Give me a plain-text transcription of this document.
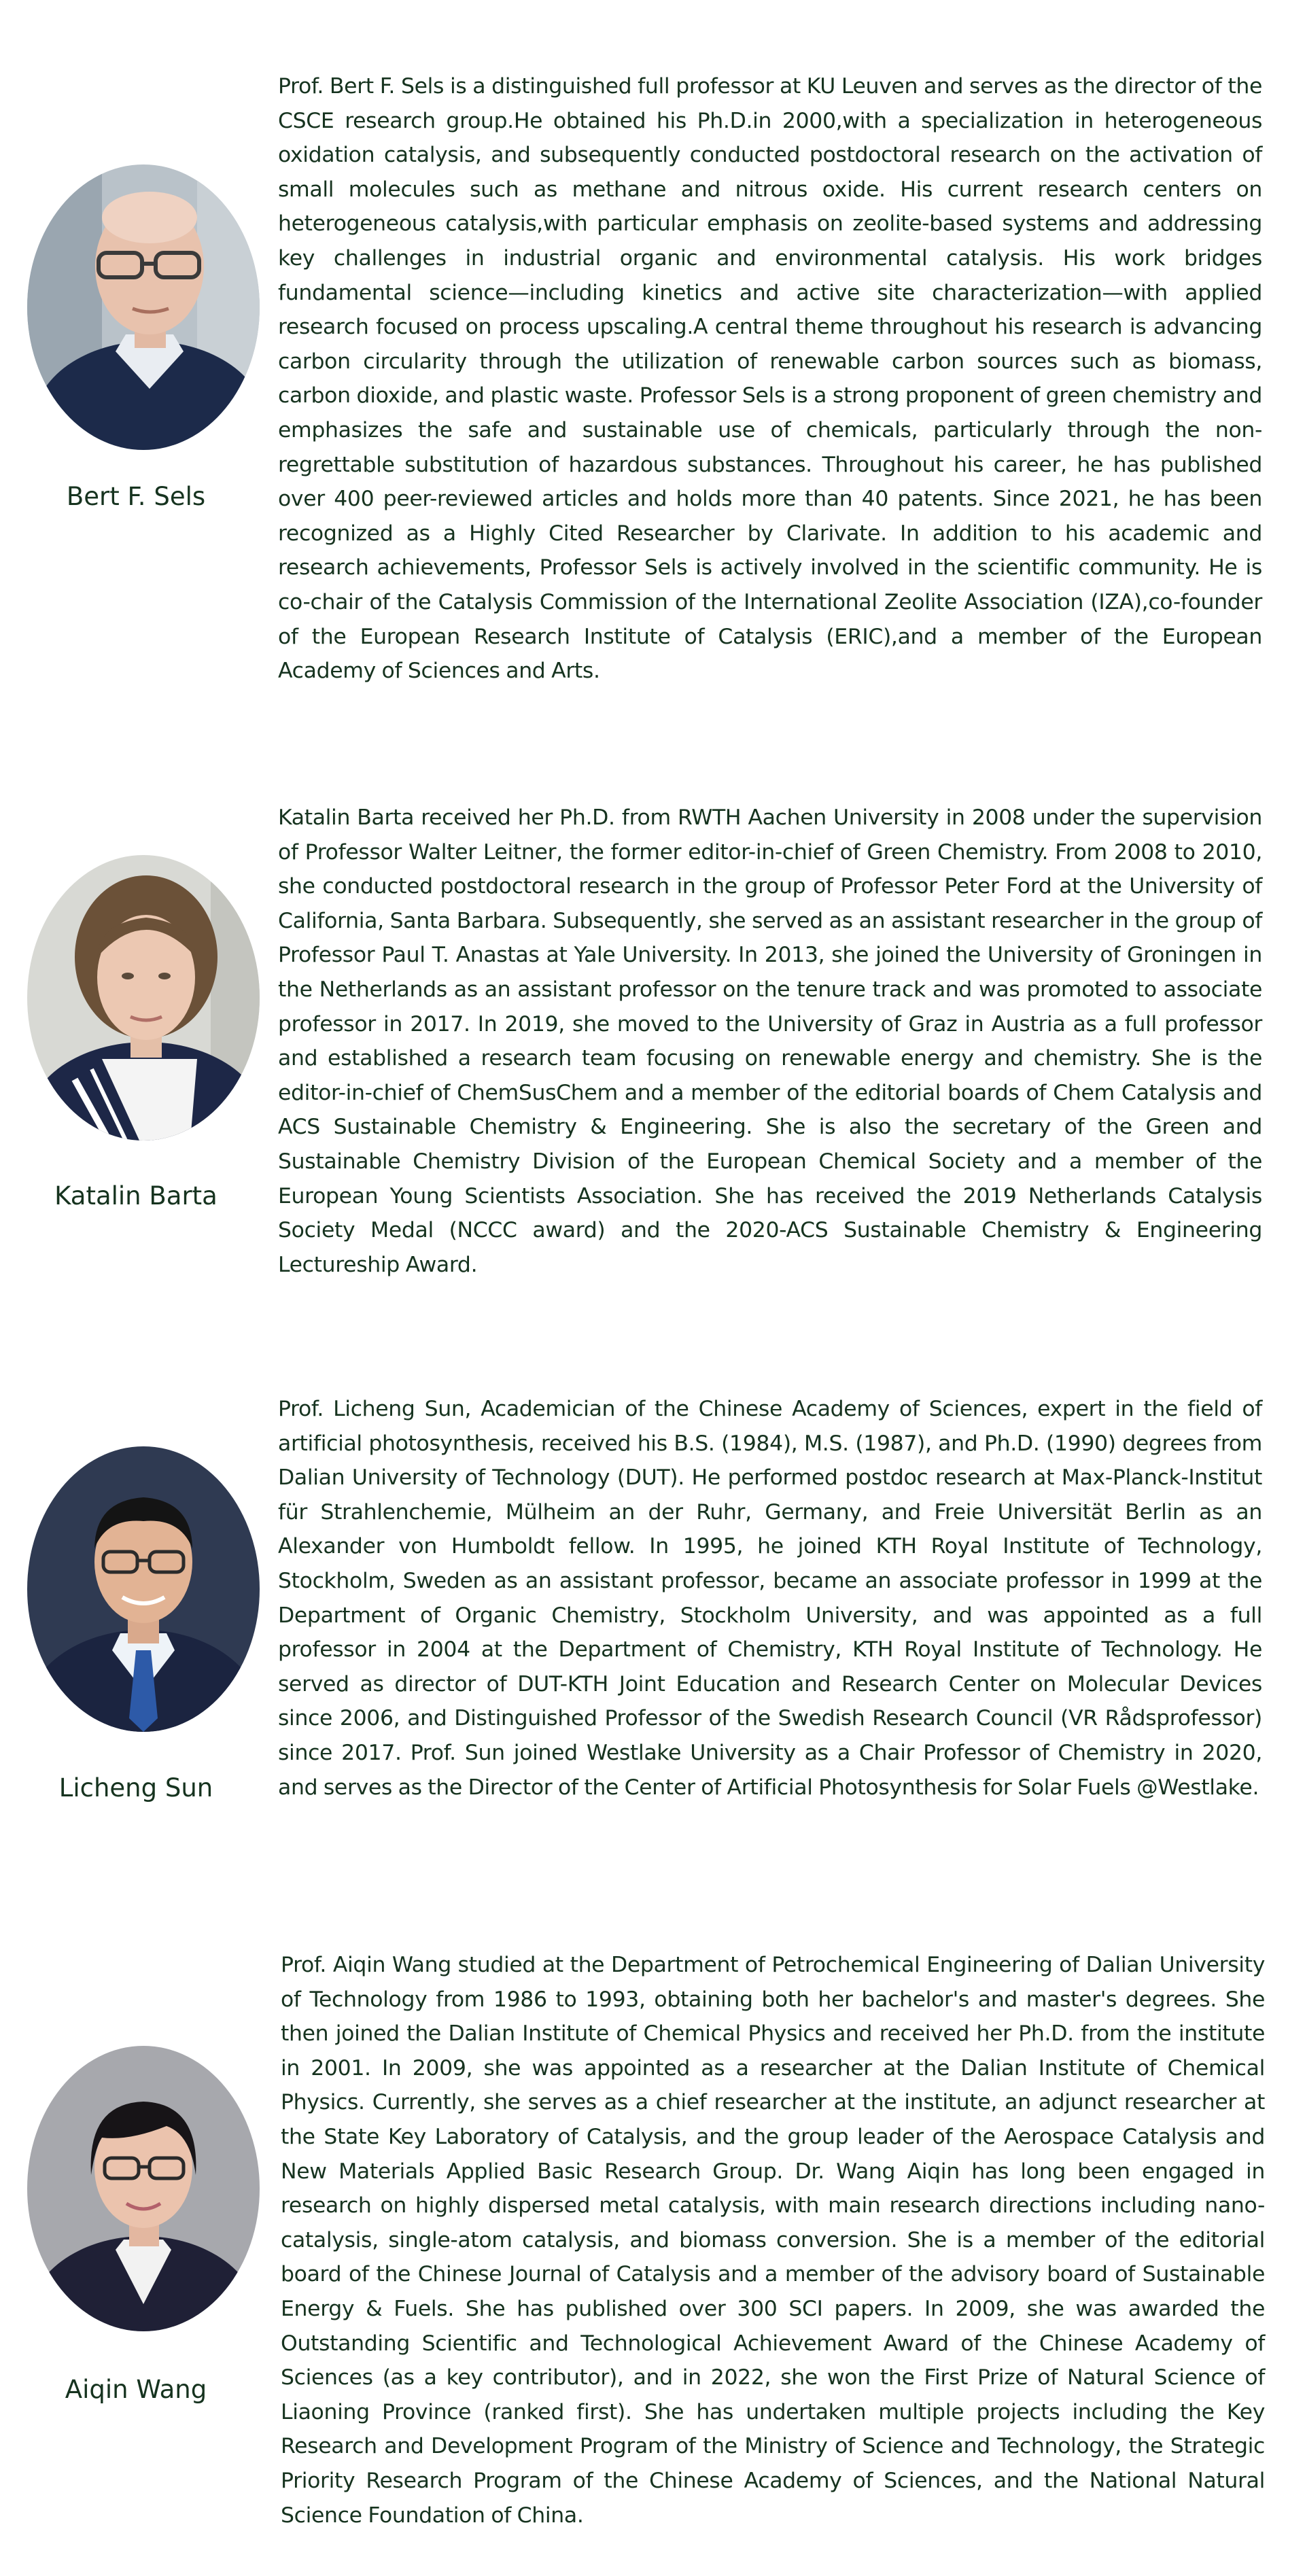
Bert F. Sels

Prof. Bert F. Sels is a distinguished full professor at KU Leuven and serves as the director of the CSCE research group.He obtained his Ph.D.in 2000,with a specialization in heterogeneous oxidation catalysis, and subsequently conducted postdoctoral research on the activation of small molecules such as methane and nitrous oxide. His current research centers on heterogeneous catalysis,with particular emphasis on zeolite-based systems and addressing key challenges in industrial organic and environmental catalysis. His work bridges fundamental science—including kinetics and active site characterization—with applied research focused on process upscaling.A central theme throughout his research is advancing carbon circularity through the utilization of renewable carbon sources such as biomass, carbon dioxide, and plastic waste. Professor Sels is a strong proponent of green chemistry and emphasizes the safe and sustainable use of chemicals, particularly through the non-regrettable substitution of hazardous substances. Throughout his career, he has published over 400 peer-reviewed articles and holds more than 40 patents. Since 2021, he has been recognized as a Highly Cited Researcher by Clarivate. In addition to his academic and research achievements, Professor Sels is actively involved in the scientific community. He is co-chair of the Catalysis Commission of the International Zeolite Association (IZA),co-founder of the European Research Institute of Catalysis (ERIC),and a member of the European Academy of Sciences and Arts.

Katalin Barta

Katalin Barta received her Ph.D. from RWTH Aachen University in 2008 under the supervision of Professor Walter Leitner, the former editor-in-chief of Green Chemistry. From 2008 to 2010, she conducted postdoctoral research in the group of Professor Peter Ford at the University of California, Santa Barbara. Subsequently, she served as an assistant researcher in the group of Professor Paul T. Anastas at Yale University. In 2013, she joined the University of Groningen in the Netherlands as an assistant professor on the tenure track and was promoted to associate professor in 2017. In 2019, she moved to the University of Graz in Austria as a full professor and established a research team focusing on renewable energy and chemistry. She is the editor-in-chief of ChemSusChem and a member of the editorial boards of Chem Catalysis and ACS Sustainable Chemistry & Engineering. She is also the secretary of the Green and Sustainable Chemistry Division of the European Chemical Society and a member of the European Young Scientists Association. She has received the 2019 Netherlands Catalysis Society Medal (NCCC award) and the 2020-ACS Sustainable Chemistry & Engineering Lectureship Award.

Licheng Sun

Prof. Licheng Sun, Academician of the Chinese Academy of Sciences, expert in the field of artificial photosynthesis, received his B.S. (1984), M.S. (1987), and Ph.D. (1990) degrees from Dalian University of Technology (DUT). He performed postdoc research at Max-Planck-Institut für Strahlenchemie, Mülheim an der Ruhr, Germany, and Freie Universität Berlin as an Alexander von Humboldt fellow. In 1995, he joined KTH Royal Institute of Technology, Stockholm, Sweden as an assistant professor, became an associate professor in 1999 at the Department of Organic Chemistry, Stockholm University, and was appointed as a full professor in 2004 at the Department of Chemistry, KTH Royal Institute of Technology. He served as director of DUT-KTH Joint Education and Research Center on Molecular Devices since 2006, and Distinguished Professor of the Swedish Research Council (VR Rådsprofessor) since 2017. Prof. Sun joined Westlake University as a Chair Professor of Chemistry in 2020, and serves as the Director of the Center of Artificial Photosynthesis for Solar Fuels @Westlake.

Aiqin Wang

Prof. Aiqin Wang studied at the Department of Petrochemical Engineering of Dalian University of Technology from 1986 to 1993, obtaining both her bachelor's and master's degrees. She then joined the Dalian Institute of Chemical Physics and received her Ph.D. from the institute in 2001. In 2009, she was appointed as a researcher at the Dalian Institute of Chemical Physics. Currently, she serves as a chief researcher at the institute, an adjunct researcher at the State Key Laboratory of Catalysis, and the group leader of the Aerospace Catalysis and New Materials Applied Basic Research Group. Dr. Wang Aiqin has long been engaged in research on highly dispersed metal catalysis, with main research directions including nano-catalysis, single-atom catalysis, and biomass conversion. She is a member of the editorial board of the Chinese Journal of Catalysis and a member of the advisory board of Sustainable Energy & Fuels. She has published over 300 SCI papers. In 2009, she was awarded the Outstanding Scientific and Technological Achievement Award of the Chinese Academy of Sciences (as a key contributor), and in 2022, she won the First Prize of Natural Science of Liaoning Province (ranked first). She has undertaken multiple projects including the Key Research and Development Program of the Ministry of Science and Technology, the Strategic Priority Research Program of the Chinese Academy of Sciences, and the National Natural Science Foundation of China.
